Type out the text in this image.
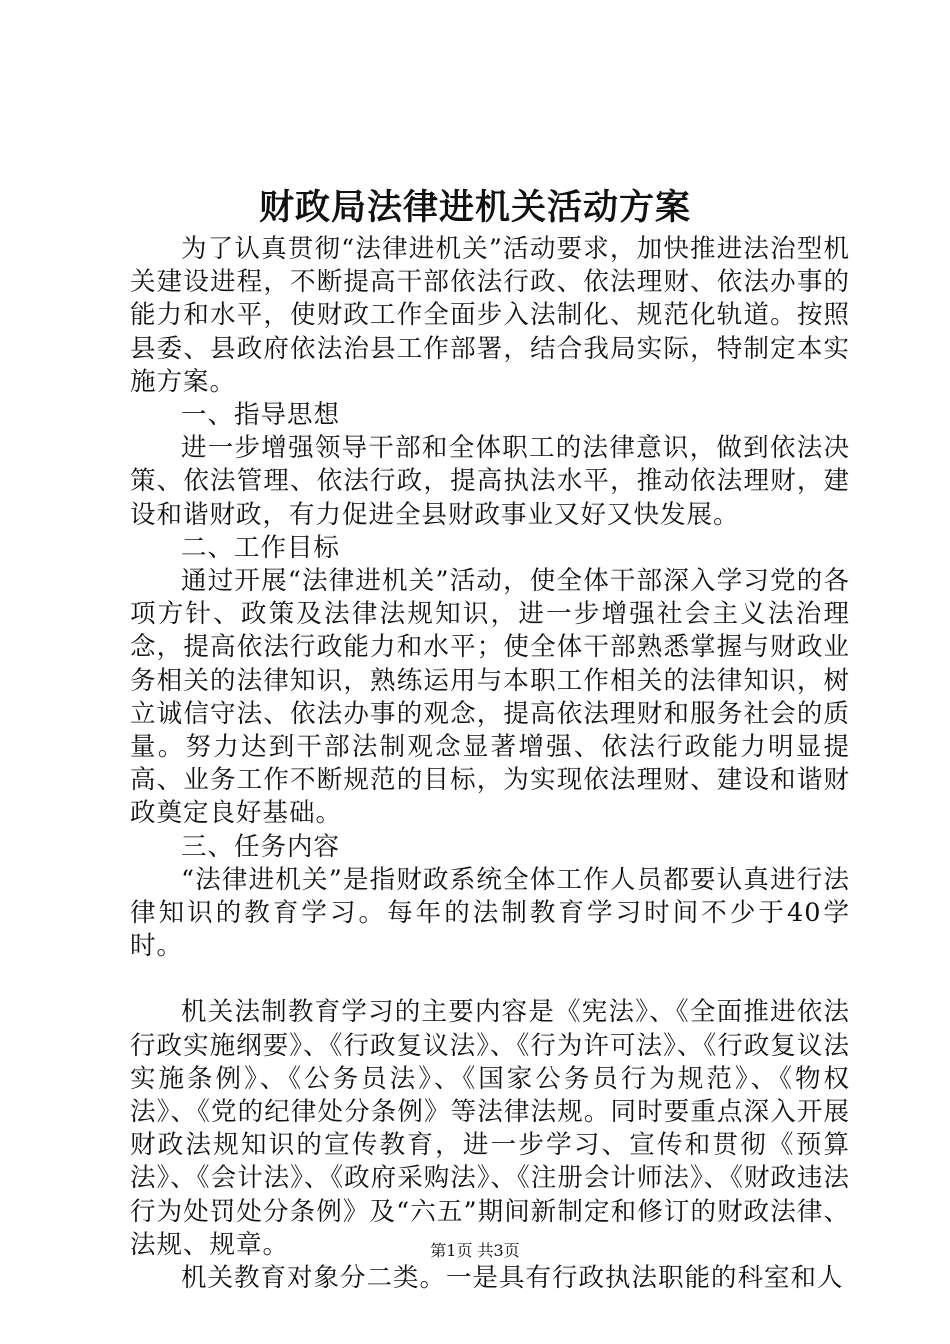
财政局法律进机关活动方案

为了认真贯彻“法律进机关”活动要求，加快推进法治型机关建设进程，不断提高干部依法行政、依法理财、依法办事的能力和水平，使财政工作全面步入法制化、规范化轨道。按照县委、县政府依法治县工作部署，结合我局实际，特制定本实施方案。

一、指导思想

进一步增强领导干部和全体职工的法律意识，做到依法决策、依法管理、依法行政，提高执法水平，推动依法理财，建设和谐财政，有力促进全县财政事业又好又快发展。

二、工作目标

通过开展“法律进机关”活动，使全体干部深入学习党的各项方针、政策及法律法规知识，进一步增强社会主义法治理念，提高依法行政能力和水平；使全体干部熟悉掌握与财政业务相关的法律知识，熟练运用与本职工作相关的法律知识，树立诚信守法、依法办事的观念，提高依法理财和服务社会的质量。努力达到干部法制观念显著增强、依法行政能力明显提高、业务工作不断规范的目标，为实现依法理财、建设和谐财政奠定良好基础。

三、任务内容

“法律进机关”是指财政系统全体工作人员都要认真进行法律知识的教育学习。每年的法制教育学习时间不少于40学时。

机关法制教育学习的主要内容是《宪法》、《全面推进依法行政实施纲要》、《行政复议法》、《行为许可法》、《行政复议法实施条例》、《公务员法》、《国家公务员行为规范》、《物权法》、《党的纪律处分条例》等法律法规。同时要重点深入开展财政法规知识的宣传教育，进一步学习、宣传和贯彻《预算法》、《会计法》、《政府采购法》、《注册会计师法》、《财政违法行为处罚处分条例》及“六五”期间新制定和修订的财政法律、法规、规章。

机关教育对象分二类。一是具有行政执法职能的科室和人

第1页 共3页
